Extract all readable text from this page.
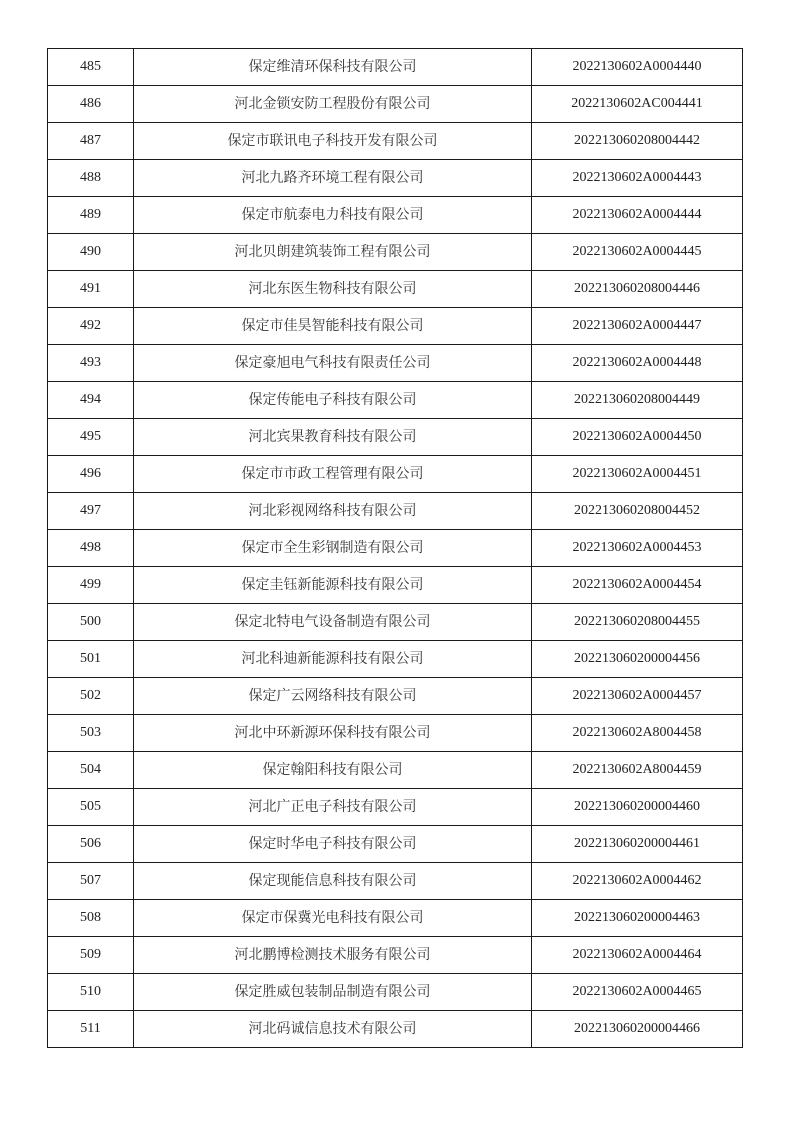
485	保定维清环保科技有限公司	2022130602A0004440
486	河北金锁安防工程股份有限公司	2022130602AC004441
487	保定市联讯电子科技开发有限公司	202213060208004442
488	河北九路齐环境工程有限公司	2022130602A0004443
489	保定市航泰电力科技有限公司	2022130602A0004444
490	河北贝朗建筑装饰工程有限公司	2022130602A0004445
491	河北东医生物科技有限公司	202213060208004446
492	保定市佳昊智能科技有限公司	2022130602A0004447
493	保定豪旭电气科技有限责任公司	2022130602A0004448
494	保定传能电子科技有限公司	202213060208004449
495	河北宾果教育科技有限公司	2022130602A0004450
496	保定市市政工程管理有限公司	2022130602A0004451
497	河北彩视网络科技有限公司	202213060208004452
498	保定市全生彩钢制造有限公司	2022130602A0004453
499	保定圭钰新能源科技有限公司	2022130602A0004454
500	保定北特电气设备制造有限公司	202213060208004455
501	河北科迪新能源科技有限公司	202213060200004456
502	保定广云网络科技有限公司	2022130602A0004457
503	河北中环新源环保科技有限公司	2022130602A8004458
504	保定翰阳科技有限公司	2022130602A8004459
505	河北广正电子科技有限公司	202213060200004460
506	保定时华电子科技有限公司	202213060200004461
507	保定现能信息科技有限公司	2022130602A0004462
508	保定市保冀光电科技有限公司	202213060200004463
509	河北鹏博检测技术服务有限公司	2022130602A0004464
510	保定胜威包装制品制造有限公司	2022130602A0004465
511	河北码诚信息技术有限公司	202213060200004466
